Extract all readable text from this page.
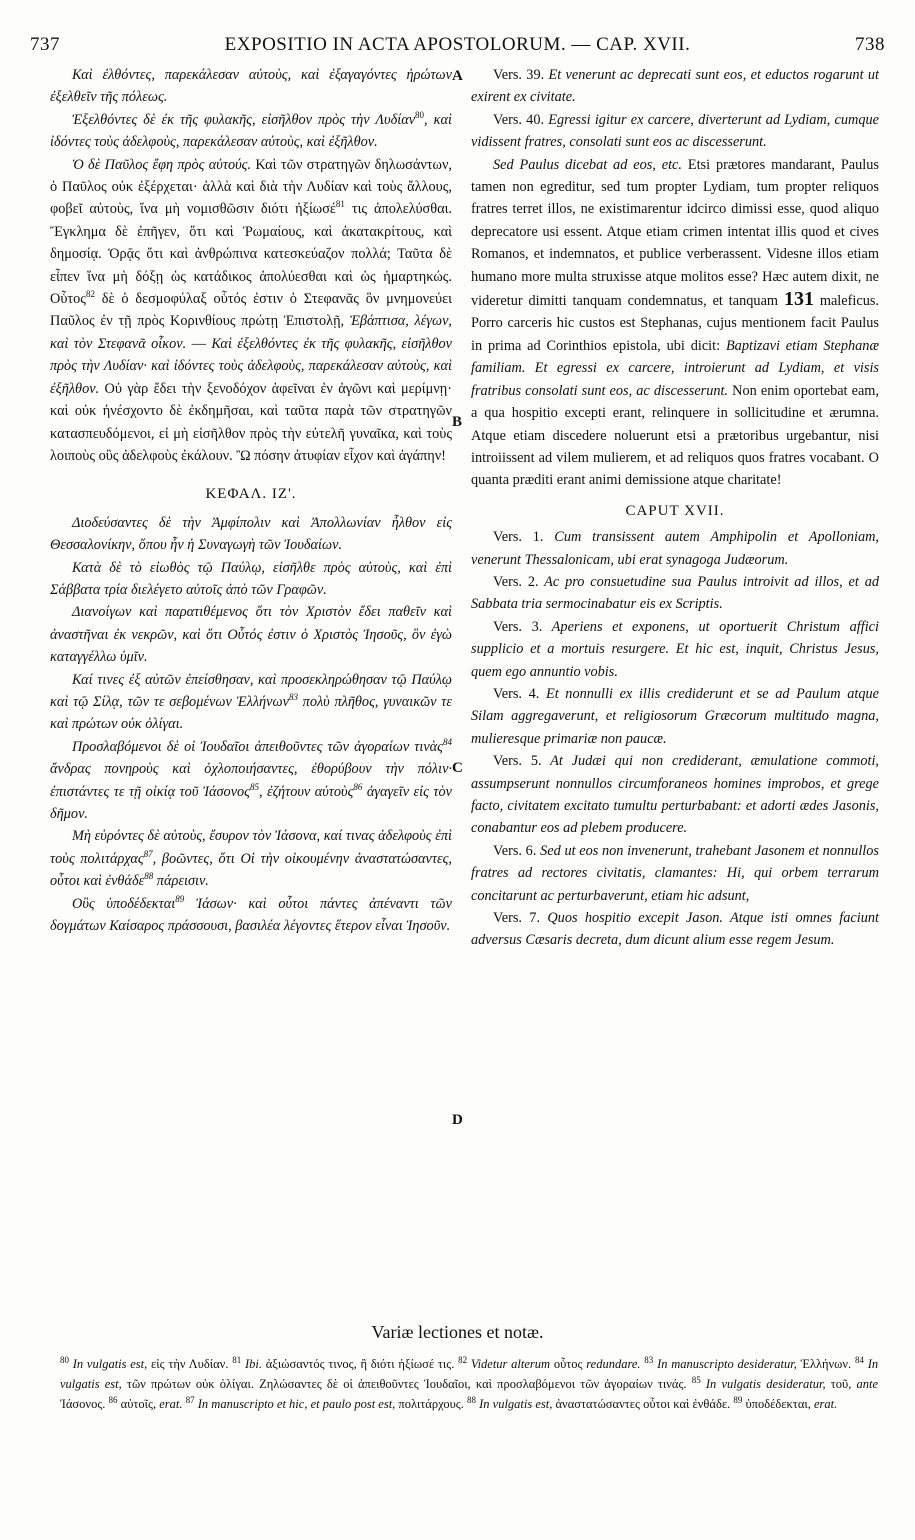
737	EXPOSITIO IN ACTA APOSTOLORUM. — CAP. XVII.	738
A
B
C
D

Καὶ ἐλθόντες, παρεκάλεσαν αὐτοὺς, καὶ ἐξαγαγόντες ἠρώτων ἐξελθεῖν τῆς πόλεως.

Ἐξελθόντες δὲ ἐκ τῆς φυλακῆς, εἰσῆλθον πρὸς τὴν Λυδίαν$^{80}$, καὶ ἰδόντες τοὺς ἀδελφοὺς, παρεκάλεσαν αὐτοὺς, καὶ ἐξῆλθον.

Ὁ δὲ Παῦλος ἔφη πρὸς αὐτούς. Καὶ τῶν στρατηγῶν δηλωσάντων, ὁ Παῦλος οὐκ ἐξέρχεται· ἀλλὰ καὶ διὰ τὴν Λυδίαν καὶ τοὺς ἄλλους, φοβεῖ αὐτοὺς, ἵνα μὴ νομισθῶσιν διότι ἠξίωσέ$^{81}$ τις ἀπολελύσθαι. Ἔγκλημα δὲ ἐπῆγεν, ὅτι καὶ Ῥωμαίους, καὶ ἀκατακρίτους, καὶ δημοσίᾳ. Ὁρᾷς ὅτι καὶ ἀνθρώπινα κατεσκεύαζον πολλά; Ταῦτα δὲ εἶπεν ἵνα μὴ δόξῃ ὡς κατάδικος ἀπολύεσθαι καὶ ὡς ἡμαρτηκώς. Οὗτος$^{82}$ δὲ ὁ δεσμοφύλαξ οὗτός ἐστιν ὁ Στεφανᾶς ὃν μνημονεύει Παῦλος ἐν τῇ πρὸς Κορινθίους πρώτῃ Ἐπιστολῇ, Ἐβάπτισα, λέγων, καὶ τὸν Στεφανᾶ οἶκον. — Καὶ ἐξελθόντες ἐκ τῆς φυλακῆς, εἰσῆλθον πρὸς τὴν Λυδίαν· καὶ ἰδόντες τοὺς ἀδελφοὺς, παρεκάλεσαν αὐτοὺς, καὶ ἐξῆλθον. Οὐ γὰρ ἔδει τὴν ξενοδόχον ἀφεῖναι ἐν ἀγῶνι καὶ μερίμνῃ· καὶ οὐκ ἠνέσχοντο δὲ ἐκδημῆσαι, καὶ ταῦτα παρὰ τῶν στρατηγῶν κατασπευδόμενοι, εἰ μὴ εἰσῆλθον πρὸς τὴν εὐτελῆ γυναῖκα, καὶ τοὺς λοιποὺς οὓς ἀδελφοὺς ἐκάλουν. Ὢ πόσην ἀτυφίαν εἶχον καὶ ἀγάπην!

ΚΕΦΑΛ. ΙΖ'.

Διοδεύσαντες δὲ τὴν Ἀμφίπολιν καὶ Ἀπολλωνίαν ἦλθον εἰς Θεσσαλονίκην, ὅπου ἦν ἡ Συναγωγὴ τῶν Ἰουδαίων.

Κατὰ δὲ τὸ εἰωθὸς τῷ Παύλῳ, εἰσῆλθε πρὸς αὐτοὺς, καὶ ἐπὶ Σάββατα τρία διελέγετο αὐτοῖς ἀπὸ τῶν Γραφῶν.

Διανοίγων καὶ παρατιθέμενος ὅτι τὸν Χριστὸν ἔδει παθεῖν καὶ ἀναστῆναι ἐκ νεκρῶν, καὶ ὅτι Οὗτός ἐστιν ὁ Χριστὸς Ἰησοῦς, ὃν ἐγὼ καταγγέλλω ὑμῖν.

Καί τινες ἐξ αὐτῶν ἐπείσθησαν, καὶ προσεκληρώθησαν τῷ Παύλῳ καὶ τῷ Σίλᾳ, τῶν τε σεβομένων Ἑλλήνων$^{83}$ πολὺ πλῆθος, γυναικῶν τε καὶ πρώτων οὐκ ὀλίγαι.

Προσλαβόμενοι δὲ οἱ Ἰουδαῖοι ἀπειθοῦντες τῶν ἀγοραίων τινὰς$^{84}$ ἄνδρας πονηροὺς καὶ ὀχλοποιήσαντες, ἐθορύβουν τὴν πόλιν· ἐπιστάντες τε τῇ οἰκίᾳ τοῦ Ἰάσονος$^{85}$, ἐζήτουν αὐτοὺς$^{86}$ ἀγαγεῖν εἰς τὸν δῆμον.

Μὴ εὑρόντες δὲ αὐτοὺς, ἔσυρον τὸν Ἰάσονα, καί τινας ἀδελφοὺς ἐπὶ τοὺς πολιτάρχας$^{87}$, βοῶντες, ὅτι Οἱ τὴν οἰκουμένην ἀναστατώσαντες, οὗτοι καὶ ἐνθάδε$^{88}$ πάρεισιν.

Οὓς ὑποδέδεκται$^{89}$ Ἰάσων· καὶ οὗτοι πάντες ἀπέναντι τῶν δογμάτων Καίσαρος πράσσουσι, βασιλέα λέγοντες ἕτερον εἶναι Ἰησοῦν.

Vers. 39. Et venerunt ac deprecati sunt eos, et eductos rogarunt ut exirent ex civitate.

Vers. 40. Egressi igitur ex carcere, diverterunt ad Lydiam, cumque vidissent fratres, consolati sunt eos ac discesserunt.

Sed Paulus dicebat ad eos, etc. Etsi prætores mandarant, Paulus tamen non egreditur, sed tum propter Lydiam, tum propter reliquos fratres terret illos, ne existimarentur idcirco dimissi esse, quod aliquo deprecatore usi essent. Atque etiam crimen intentat illis quod et cives Romanos, et indemnatos, et publice verberassent. Videsne illos etiam humano more multa struxisse atque molitos esse? Hæc autem dixit, ne videretur dimitti tanquam condemnatus, et tanquam 131 maleficus. Porro carceris hic custos est Stephanas, cujus mentionem facit Paulus in prima ad Corinthios epistola, ubi dicit: Baptizavi etiam Stephanæ familiam. Et egressi ex carcere, introierunt ad Lydiam, et visis fratribus consolati sunt eos, ac discesserunt. Non enim oportebat eam, a qua hospitio excepti erant, relinquere in sollicitudine et ærumna. Atque etiam discedere noluerunt etsi a prætoribus urgebantur, nisi introiissent ad vilem mulierem, et ad reliquos quos fratres vocabant. O quanta præditi erant animi demissione atque charitate!

CAPUT XVII.

Vers. 1. Cum transissent autem Amphipolin et Apolloniam, venerunt Thessalonicam, ubi erat synagoga Judæorum.

Vers. 2. Ac pro consuetudine sua Paulus introivit ad illos, et ad Sabbata tria sermocinabatur eis ex Scriptis.

Vers. 3. Aperiens et exponens, ut oportuerit Christum affici supplicio et a mortuis resurgere. Et hic est, inquit, Christus Jesus, quem ego annuntio vobis.

Vers. 4. Et nonnulli ex illis crediderunt et se ad Paulum atque Silam aggregaverunt, et religiosorum Græcorum multitudo magna, mulieresque primariæ non paucæ.

Vers. 5. At Judæi qui non crediderant, æmulatione commoti, assumpserunt nonnullos circumforaneos homines improbos, et grege facto, civitatem excitato tumultu perturbabant: et adorti ædes Jasonis, conabantur eos ad plebem producere.

Vers. 6. Sed ut eos non invenerunt, trahebant Jasonem et nonnullos fratres ad rectores civitatis, clamantes: Hi, qui orbem terrarum concitarunt ac perturbaverunt, etiam hic adsunt,

Vers. 7. Quos hospitio excepit Jason. Atque isti omnes faciunt adversus Cæsaris decreta, dum dicunt alium esse regem Jesum.

Variæ lectiones et notæ.
$^{80}$ In vulgatis est, εἰς τὴν Λυδίαν. $^{81}$ Ibi. ἀξιώσαντός τινος, ἢ διότι ἠξίωσέ τις. $^{82}$ Videtur alterum οὗτος redundare. $^{83}$ In manuscripto desideratur, Ἑλλήνων. $^{84}$ In vulgatis est, τῶν πρώτων οὐκ ὀλίγαι. Ζηλώσαντες δὲ οἱ ἀπειθοῦντες Ἰουδαῖοι, καὶ προσλαβόμενοι τῶν ἀγοραίων τινάς. $^{85}$ In vulgatis desideratur, τοῦ, ante Ἰάσονος. $^{86}$ αὐτοῖς, erat. $^{87}$ In manuscripto et hic, et paulo post est, πολιτάρχους. $^{88}$ In vulgatis est, ἀναστατώσαντες οὗτοι καὶ ἐνθάδε. $^{89}$ ὑποδέδεκται, erat.
